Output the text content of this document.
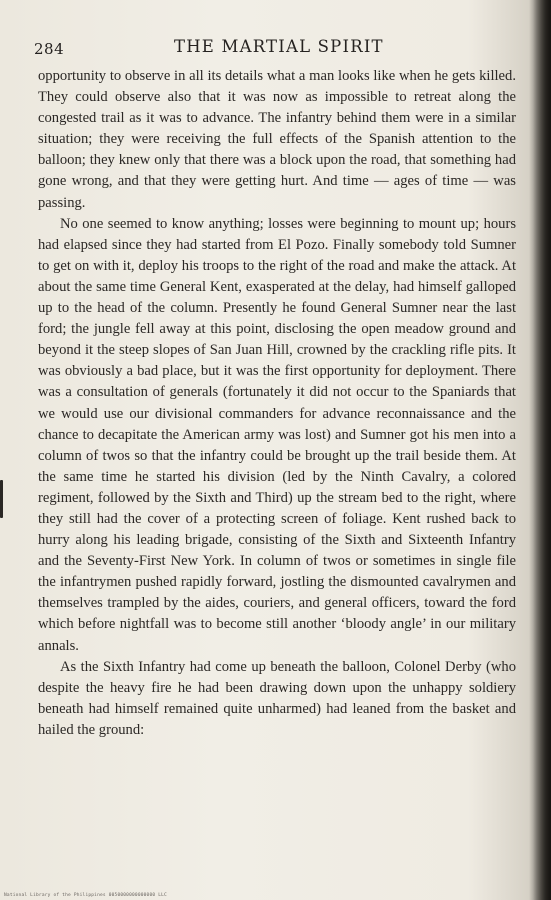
284	THE MARTIAL SPIRIT

opportunity to observe in all its details what a man looks like when he gets killed. They could observe also that it was now as impossible to retreat along the congested trail as it was to advance. The infantry behind them were in a similar situation; they were receiving the full effects of the Spanish attention to the balloon; they knew only that there was a block upon the road, that something had gone wrong, and that they were getting hurt. And time — ages of time — was passing.

No one seemed to know anything; losses were beginning to mount up; hours had elapsed since they had started from El Pozo. Finally somebody told Sumner to get on with it, deploy his troops to the right of the road and make the attack. At about the same time General Kent, exasperated at the delay, had himself galloped up to the head of the column. Presently he found General Sumner near the last ford; the jungle fell away at this point, disclosing the open meadow ground and beyond it the steep slopes of San Juan Hill, crowned by the crackling rifle pits. It was obviously a bad place, but it was the first opportunity for deployment. There was a consultation of generals (fortunately it did not occur to the Spaniards that we would use our divisional commanders for advance reconnaissance and the chance to decapitate the American army was lost) and Sumner got his men into a column of twos so that the infantry could be brought up the trail beside them. At the same time he started his division (led by the Ninth Cavalry, a colored regiment, followed by the Sixth and Third) up the stream bed to the right, where they still had the cover of a protecting screen of foliage. Kent rushed back to hurry along his leading brigade, consisting of the Sixth and Sixteenth Infantry and the Seventy-First New York. In column of twos or sometimes in single file the infantrymen pushed rapidly forward, jostling the dismounted cavalrymen and themselves trampled by the aides, couriers, and general officers, toward the ford which before nightfall was to become still another ‘bloody angle’ in our military annals.

As the Sixth Infantry had come up beneath the balloon, Colonel Derby (who despite the heavy fire he had been drawing down upon the unhappy soldiery beneath had himself remained quite unharmed) had leaned from the basket and hailed the ground:

National Library of the Philippines 0050000000000000 LLC
